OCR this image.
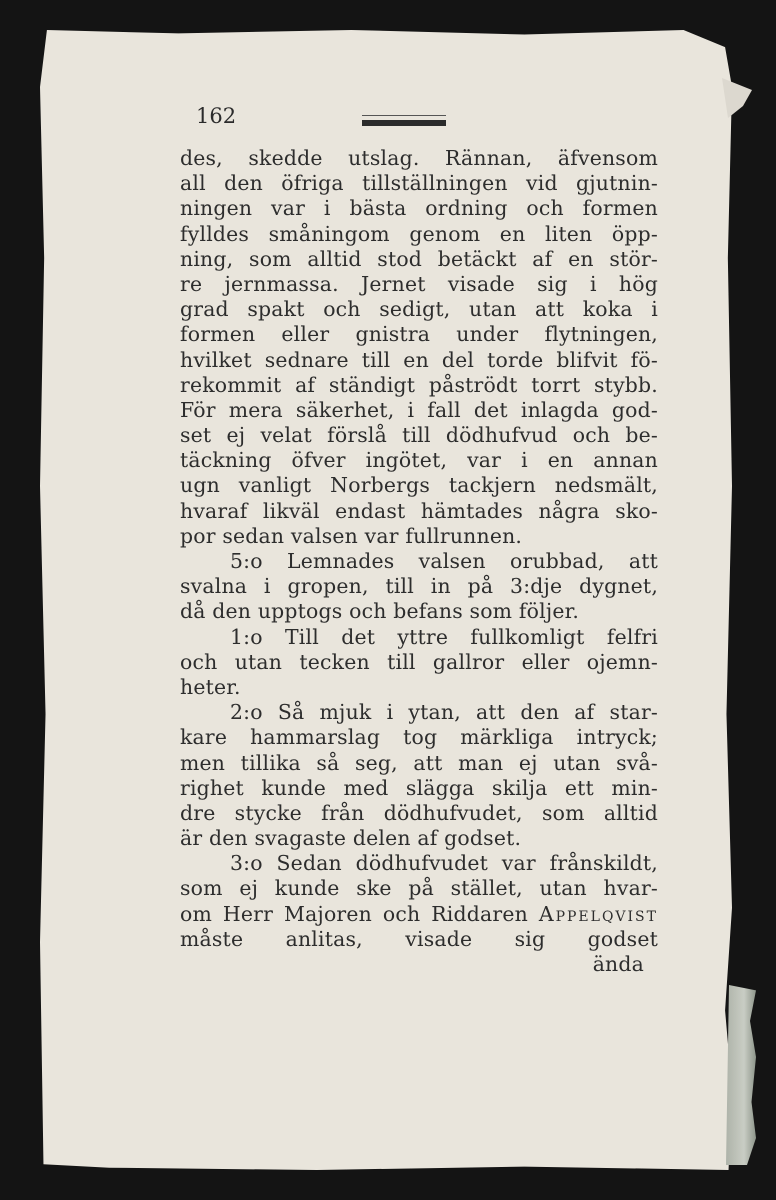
162
des, skedde utslag. Rännan, äfvensom
all den öfriga tillställningen vid gjutnin-
ningen var i bästa ordning och formen
fylldes småningom genom en liten öpp-
ning, som alltid stod betäckt af en stör-
re jernmassa. Jernet visade sig i hög
grad spakt och sedigt, utan att koka i
formen eller gnistra under flytningen,
hvilket sednare till en del torde blifvit fö-
rekommit af ständigt påströdt torrt stybb.
För mera säkerhet, i fall det inlagda god-
set ej velat förslå till dödhufvud och be-
täckning öfver ingötet, var i en annan
ugn vanligt Norbergs tackjern nedsmält,
hvaraf likväl endast hämtades några sko-
por sedan valsen var fullrunnen.
5:o Lemnades valsen orubbad, att
svalna i gropen, till in på 3:dje dygnet,
då den upptogs och befans som följer.
1:o Till det yttre fullkomligt felfri
och utan tecken till gallror eller ojemn-
heter.
2:o Så mjuk i ytan, att den af star-
kare hammarslag tog märkliga intryck;
men tillika så seg, att man ej utan svå-
righet kunde med slägga skilja ett min-
dre stycke från dödhufvudet, som alltid
är den svagaste delen af godset.
3:o Sedan dödhufvudet var frånskildt,
som ej kunde ske på stället, utan hvar-
om Herr Majoren och Riddaren Appelqvist
måste anlitas, visade sig godset
ända
